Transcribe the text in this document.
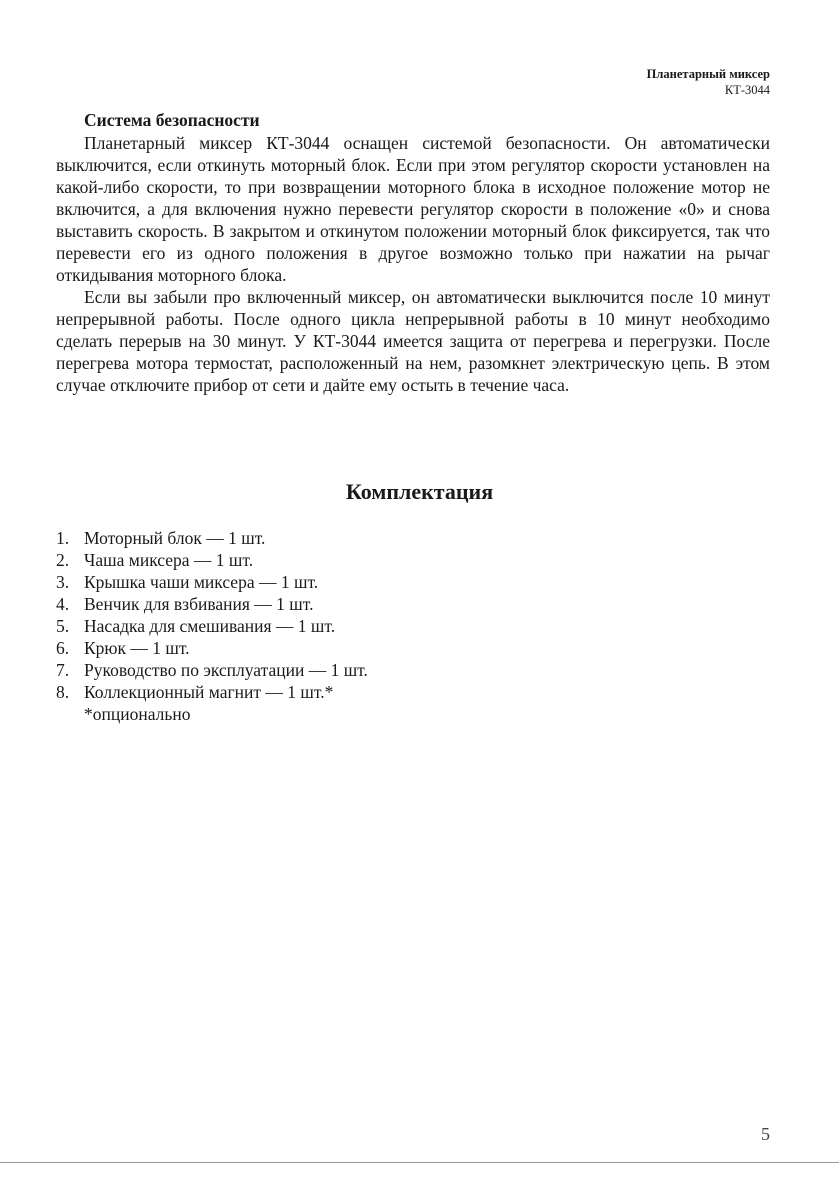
Планетарный миксер
КТ-3044
Система безопасности

Планетарный миксер КТ-3044 оснащен системой безопасности. Он автоматически выключится, если откинуть моторный блок. Если при этом регулятор скорости установлен на какой-либо скорости, то при возвращении моторного блока в исходное положение мотор не включится, а для включения нужно перевести регулятор скорости в положение «0» и снова выставить скорость. В закрытом и откинутом положении моторный блок фиксируется, так что перевести его из одного положения в другое возможно только при нажатии на рычаг откидывания моторного блока.

Если вы забыли про включенный миксер, он автоматически выключится после 10 минут непрерывной работы. После одного цикла непрерывной работы в 10 минут необходимо сделать перерыв на 30 минут. У КТ-3044 имеется защита от перегрева и перегрузки. После перегрева мотора термостат, расположенный на нем, разомкнет электрическую цепь. В этом случае отключите прибор от сети и дайте ему остыть в течение часа.

Комплектация
1. Моторный блок — 1 шт.
2. Чаша миксера — 1 шт.
3. Крышка чаши миксера — 1 шт.
4. Венчик для взбивания — 1 шт.
5. Насадка для смешивания — 1 шт.
6. Крюк — 1 шт.
7. Руководство по эксплуатации — 1 шт.
8. Коллекционный магнит — 1 шт.*
*опционально
5
